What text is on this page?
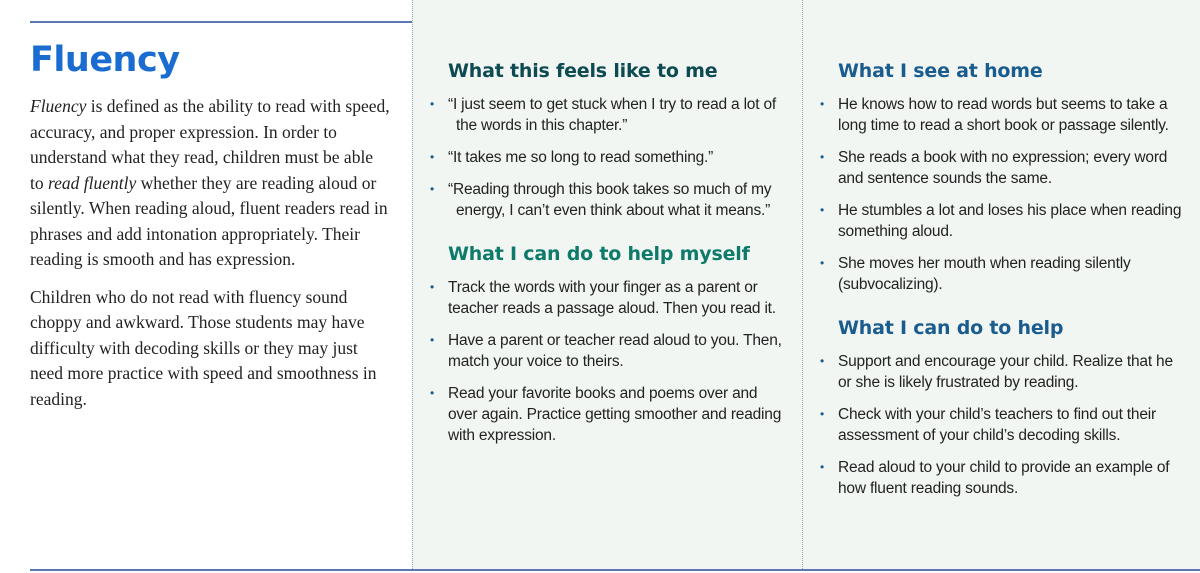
Fluency

Fluency is defined as the ability to read with speed, accuracy, and proper expression. In order to understand what they read, children must be able to read fluently whether they are reading aloud or silently. When reading aloud, fluent readers read in phrases and add intonation appropriately. Their reading is smooth and has expression.

Children who do not read with fluency sound choppy and awkward. Those students may have difficulty with decoding skills or they may just need more practice with speed and smoothness in reading.

What this feels like to me
• “I just seem to get stuck when I try to read a lot of the words in this chapter.”
• “It takes me so long to read something.”
• “Reading through this book takes so much of my energy, I can’t even think about what it means.”
What I can do to help myself
• Track the words with your finger as a parent or teacher reads a passage aloud. Then you read it.
• Have a parent or teacher read aloud to you. Then, match your voice to theirs.
• Read your favorite books and poems over and over again. Practice getting smoother and reading with expression.
What I see at home
• He knows how to read words but seems to take a long time to read a short book or passage silently.
• She reads a book with no expression; every word and sentence sounds the same.
• He stumbles a lot and loses his place when reading something aloud.
• She moves her mouth when reading silently (subvocalizing).
What I can do to help
• Support and encourage your child. Realize that he or she is likely frustrated by reading.
• Check with your child’s teachers to find out their assessment of your child’s decoding skills.
• Read aloud to your child to provide an example of how fluent reading sounds.
